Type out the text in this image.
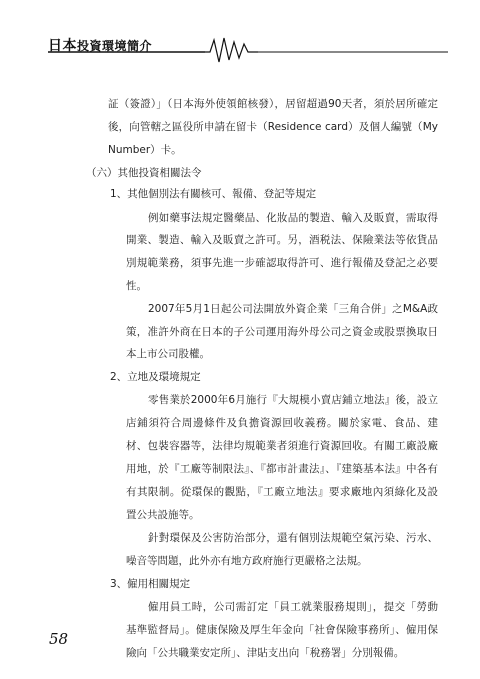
日本投資環境簡介
証（簽證）」（日本海外使領館核發），居留超過90天者，須於居所確定
後，向管轄之區役所申請在留卡（Residence card）及個人編號（My
Number）卡。
（六）其他投資相關法令
1、其他個別法有關核可、報備、登記等規定
例如藥事法規定醫藥品、化妝品的製造、輸入及販賣，需取得
開業、製造、輸入及販賣之許可。另，酒税法、保險業法等依貨品
別規範業務，須事先進一步確認取得許可、進行報備及登記之必要
性。
2007年5月1日起公司法開放外資企業「三角合併」之M&A政
策，准許外商在日本的子公司運用海外母公司之資金或股票換取日
本上市公司股權。
2、立地及環境規定
零售業於2000年6月施行『大規模小賣店鋪立地法』後，設立
店鋪須符合周邊條件及負擔資源回收義務。關於家電、食品、建
材、包裝容器等，法律均規範業者須進行資源回收。有關工廠設廠
用地，於『工廠等制限法』、『都市計畫法』、『建築基本法』中各有
有其限制。從環保的觀點，『工廠立地法』要求廠地內須綠化及設
置公共設施等。
針對環保及公害防治部分，還有個別法規範空氣污染、污水、
噪音等問題，此外亦有地方政府施行更嚴格之法規。
3、僱用相關規定
僱用員工時，公司需訂定「員工就業服務規則」，提交「勞動
基準監督局」。健康保險及厚生年金向「社會保險事務所」、僱用保
險向「公共職業安定所」、津貼支出向「稅務署」分別報備。
58
